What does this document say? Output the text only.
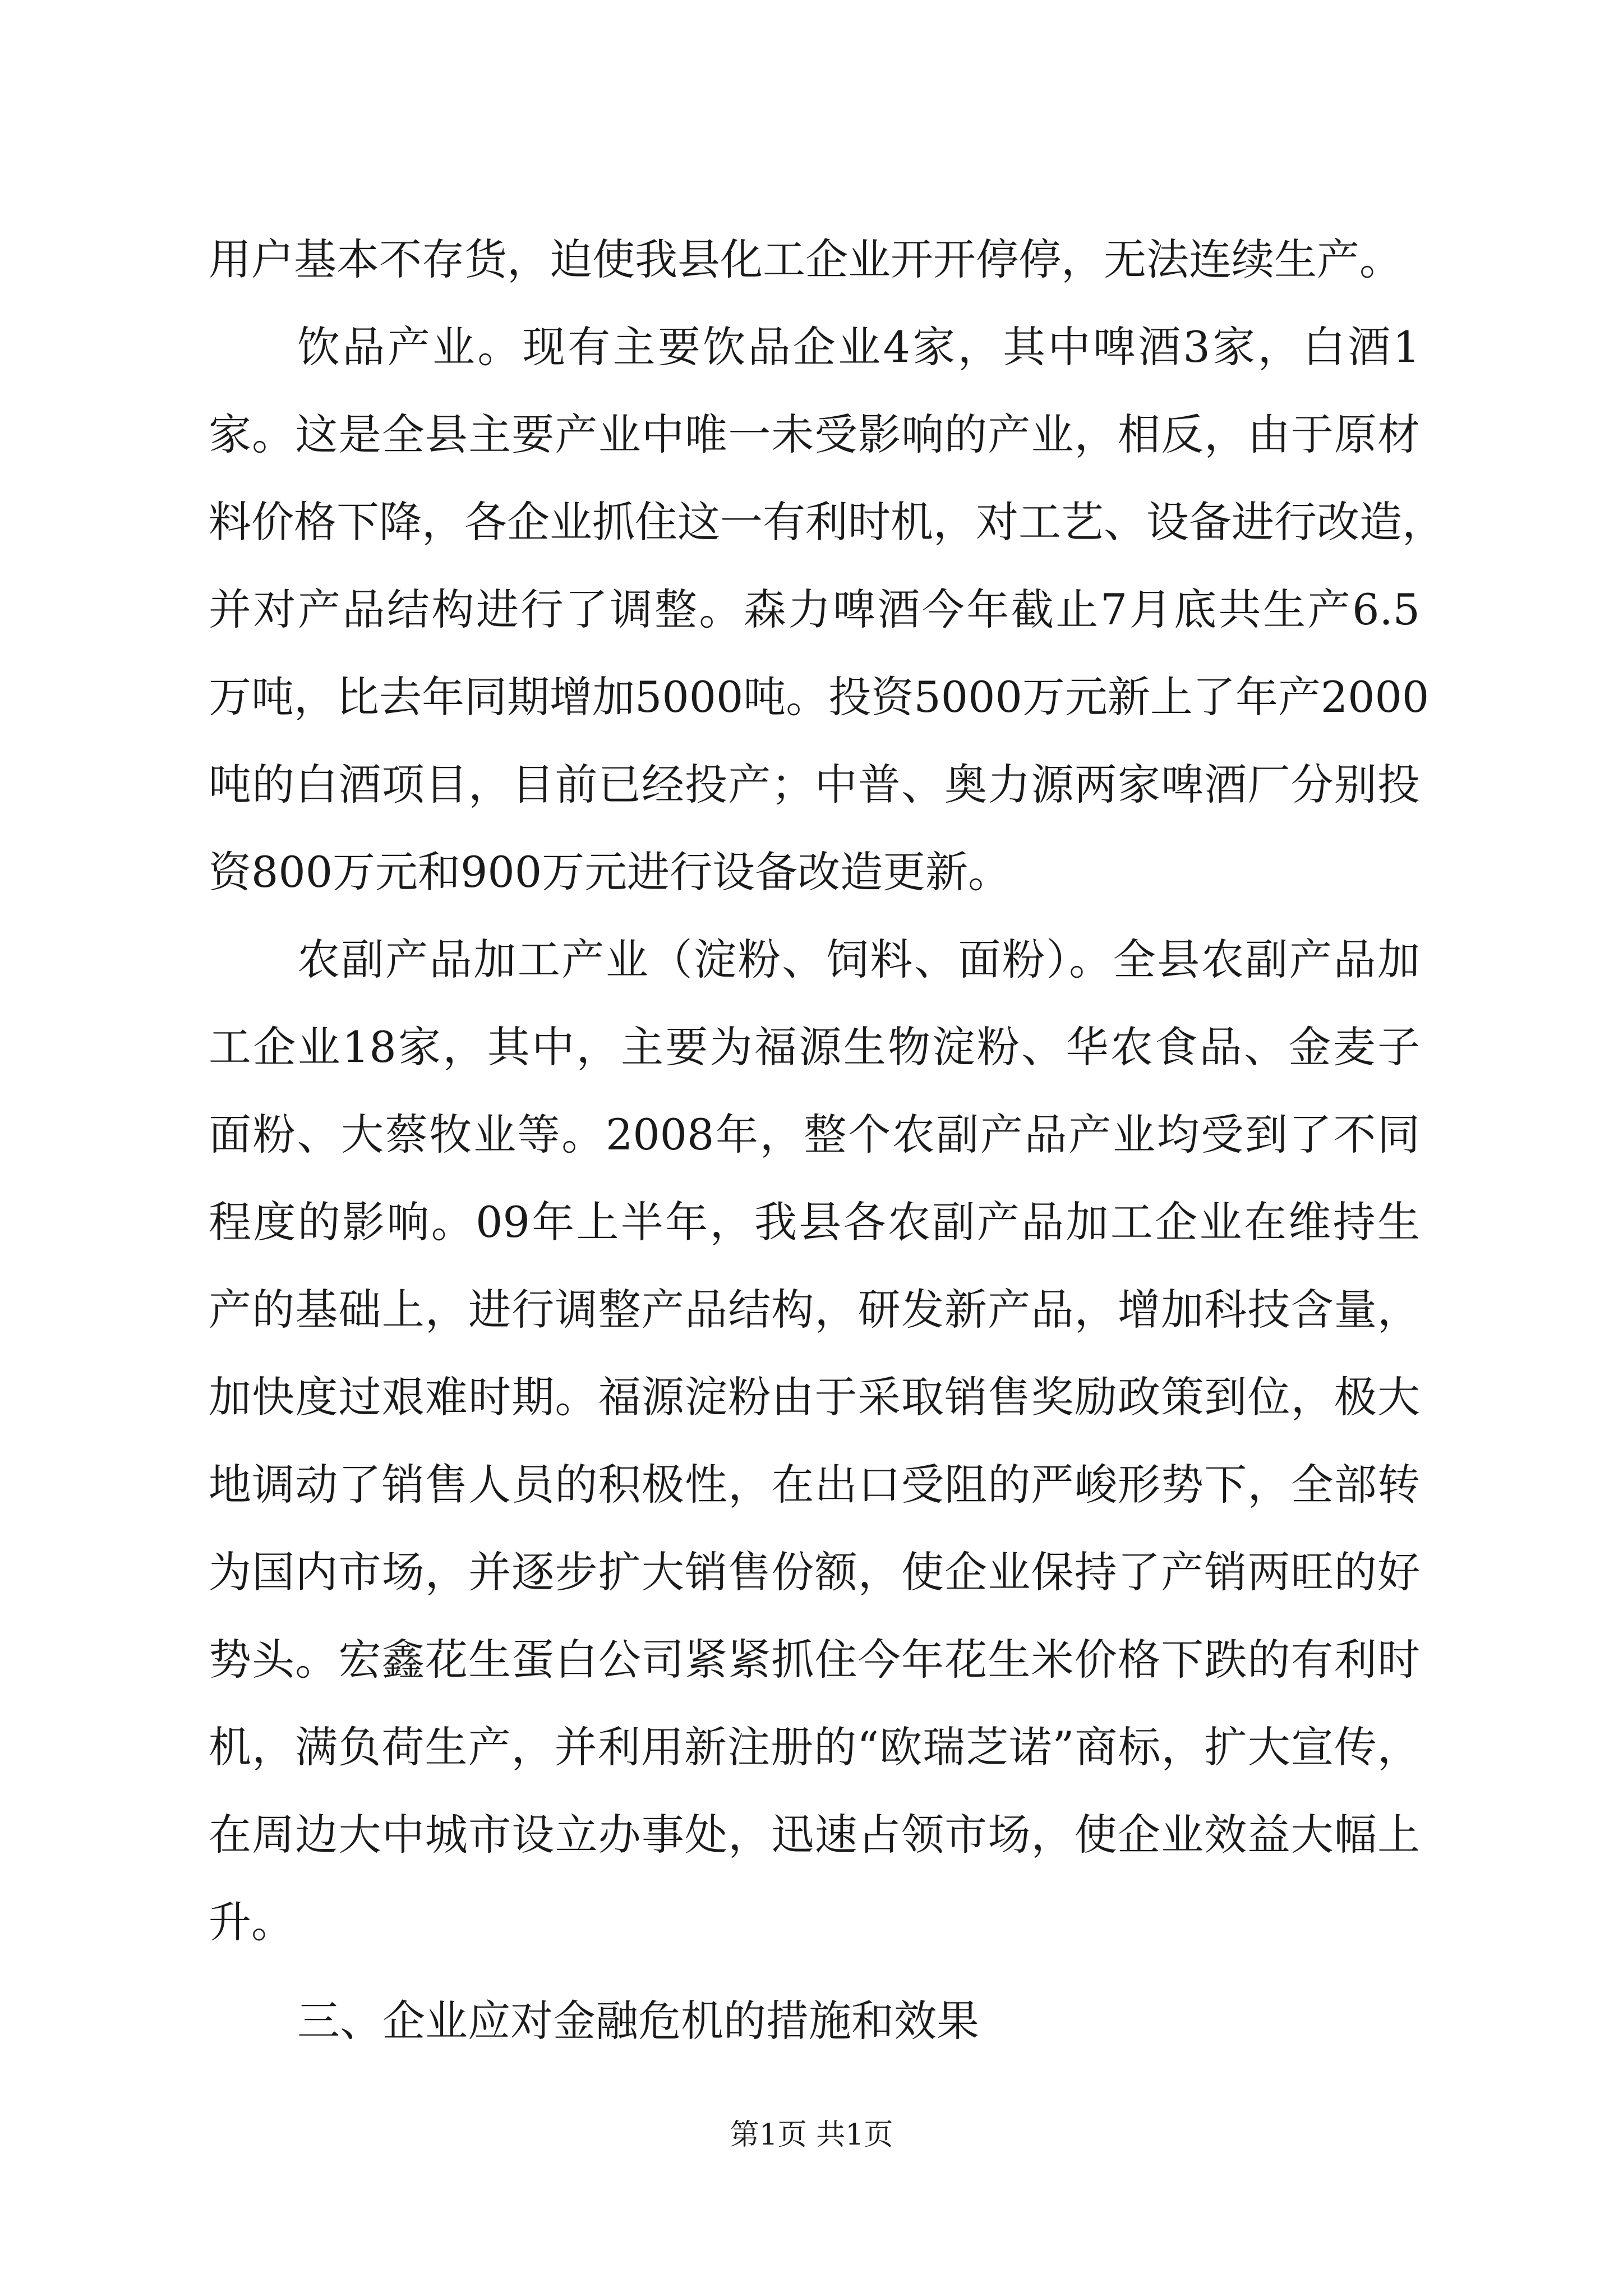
用户基本不存货，迫使我县化工企业开开停停，无法连续生产。
饮品产业。现有主要饮品企业4家，其中啤酒3家，白酒1
家。这是全县主要产业中唯一未受影响的产业，相反，由于原材
料价格下降，各企业抓住这一有利时机，对工艺、设备进行改造，
并对产品结构进行了调整。森力啤酒今年截止7月底共生产6.5
万吨，比去年同期增加5000吨。投资5000万元新上了年产2000
吨的白酒项目，目前已经投产；中普、奥力源两家啤酒厂分别投
资800万元和900万元进行设备改造更新。
农副产品加工产业（淀粉、饲料、面粉）。全县农副产品加
工企业18家，其中，主要为福源生物淀粉、华农食品、金麦子
面粉、大蔡牧业等。2008年，整个农副产品产业均受到了不同
程度的影响。09年上半年，我县各农副产品加工企业在维持生
产的基础上，进行调整产品结构，研发新产品，增加科技含量，
加快度过艰难时期。福源淀粉由于采取销售奖励政策到位，极大
地调动了销售人员的积极性，在出口受阻的严峻形势下，全部转
为国内市场，并逐步扩大销售份额，使企业保持了产销两旺的好
势头。宏鑫花生蛋白公司紧紧抓住今年花生米价格下跌的有利时
机，满负荷生产，并利用新注册的“欧瑞芝诺”商标，扩大宣传，
在周边大中城市设立办事处，迅速占领市场，使企业效益大幅上
升。
三、企业应对金融危机的措施和效果
第1页 共1页
